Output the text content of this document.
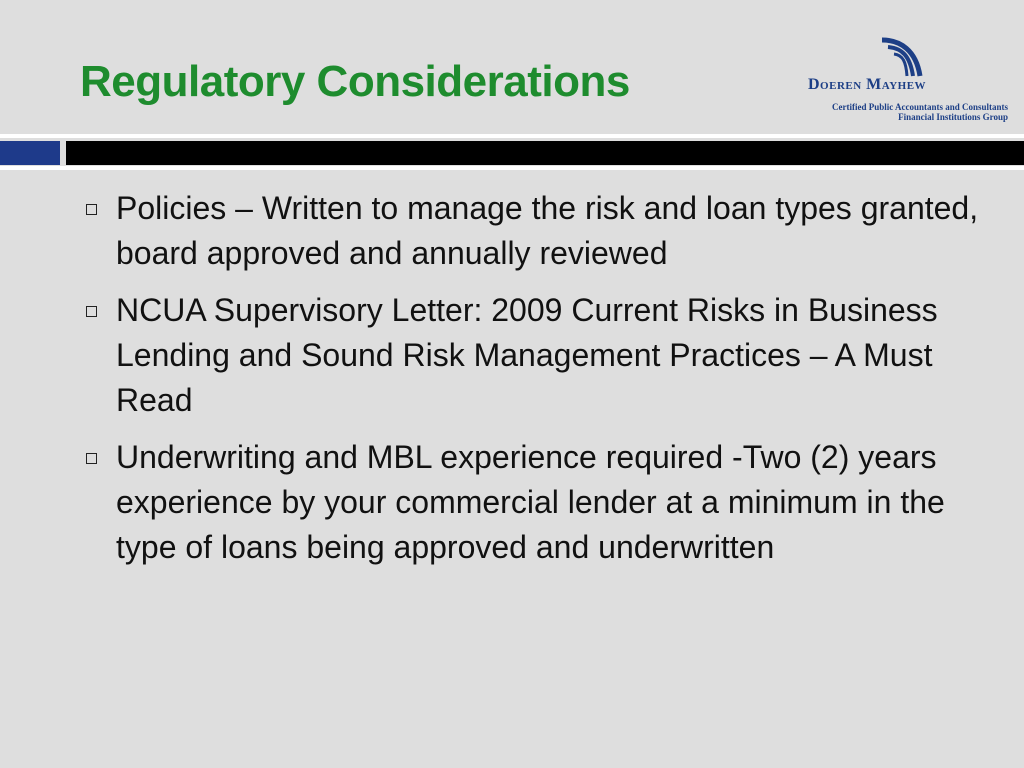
Regulatory Considerations	Doeren Mayhew
Certified Public Accountants and Consultants
Financial Institutions Group
Policies – Written to manage the risk and loan types granted, board approved and annually reviewed
NCUA Supervisory Letter: 2009 Current Risks in Business Lending and Sound Risk Management Practices – A Must Read
Underwriting and MBL experience required -Two (2) years experience by your commercial lender at a minimum in the type of loans being approved and underwritten
